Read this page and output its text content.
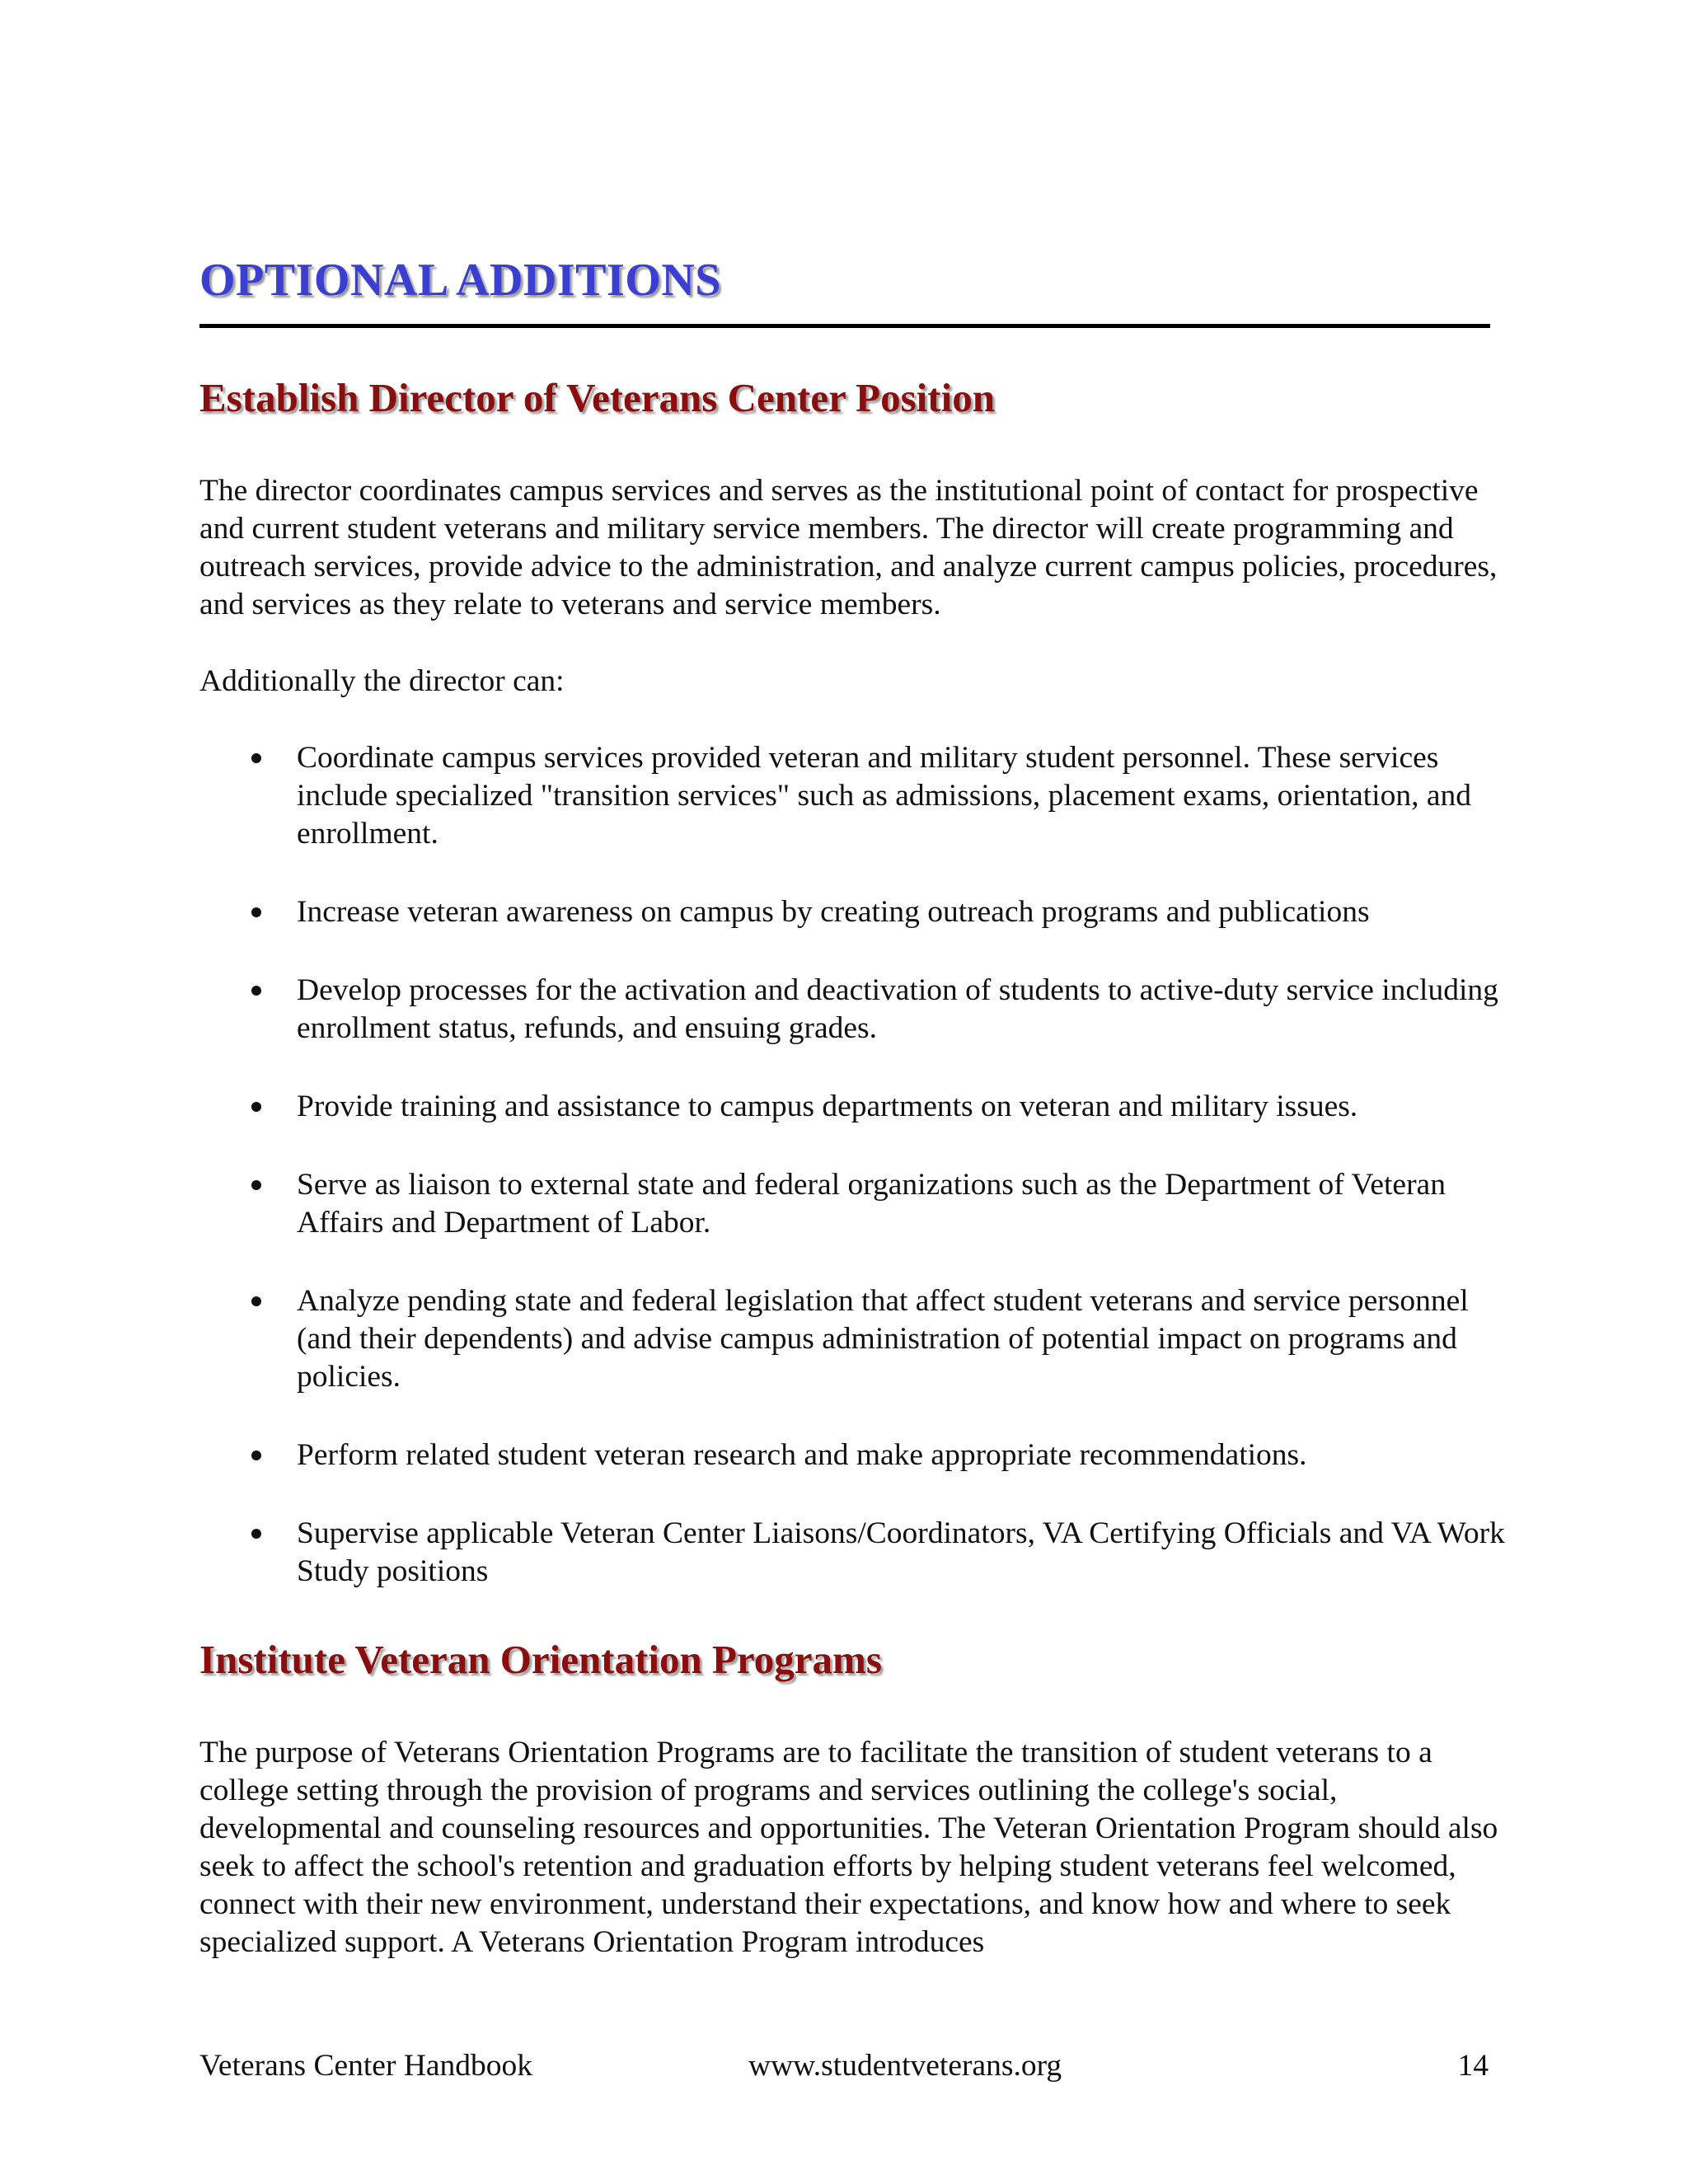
OPTIONAL ADDITIONS
Establish Director of Veterans Center Position

The director coordinates campus services and serves as the institutional point of contact for prospective and current student veterans and military service members. The director will create programming and outreach services, provide advice to the administration, and analyze current campus policies, procedures, and services as they relate to veterans and service members.

Additionally the director can:

Coordinate campus services provided veteran and military student personnel. These services include specialized "transition services" such as admissions, placement exams, orientation, and enrollment.
Increase veteran awareness on campus by creating outreach programs and publications
Develop processes for the activation and deactivation of students to active-duty service including enrollment status, refunds, and ensuing grades.
Provide training and assistance to campus departments on veteran and military issues.
Serve as liaison to external state and federal organizations such as the Department of Veteran Affairs and Department of Labor.
Analyze pending state and federal legislation that affect student veterans and service personnel (and their dependents) and advise campus administration of potential impact on programs and policies.
Perform related student veteran research and make appropriate recommendations.
Supervise applicable Veteran Center Liaisons/Coordinators, VA Certifying Officials and VA Work Study positions
Institute Veteran Orientation Programs

The purpose of Veterans Orientation Programs are to facilitate the transition of student veterans to a college setting through the provision of programs and services outlining the college's social, developmental and counseling resources and opportunities. The Veteran Orientation Program should also seek to affect the school's retention and graduation efforts by helping student veterans feel welcomed, connect with their new environment, understand their expectations, and know how and where to seek specialized support. A Veterans Orientation Program introduces

Veterans Center Handbook	www.studentveterans.org	14
